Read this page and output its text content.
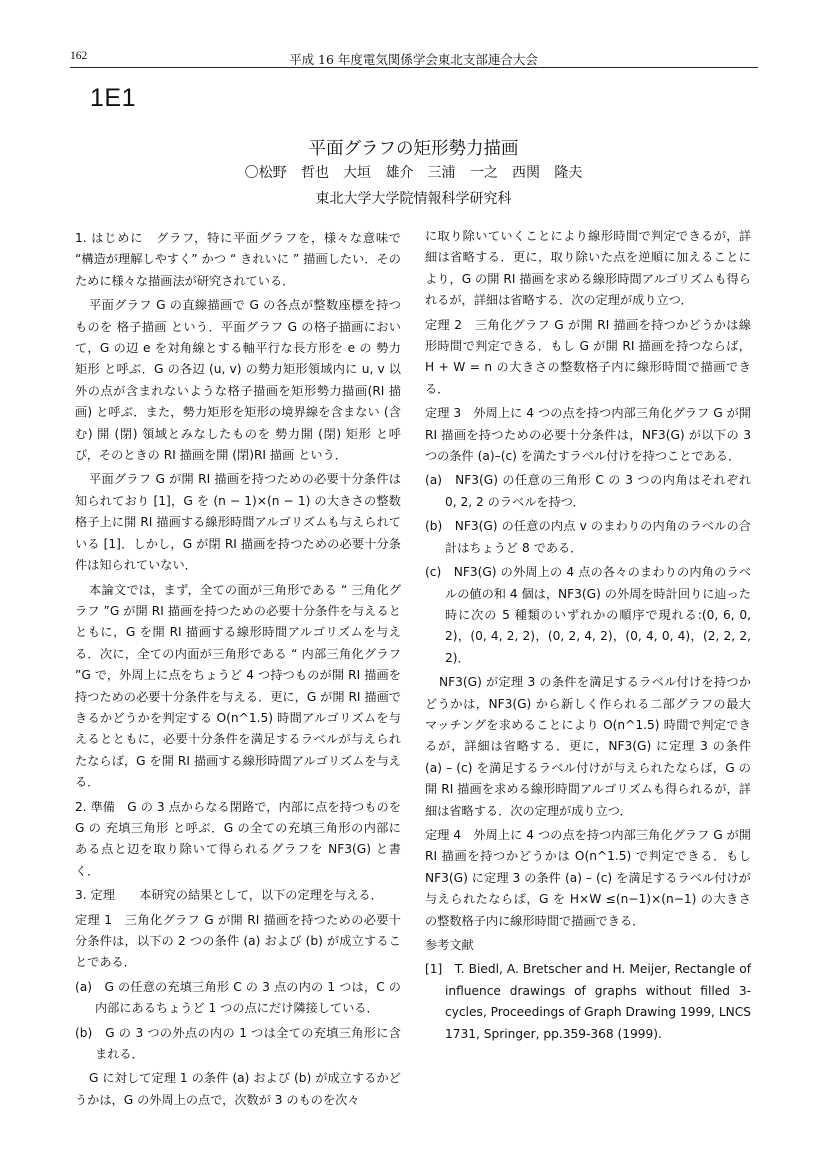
162	平成 16 年度電気関係学会東北支部連合大会
1E1
平面グラフの矩形勢力描画
〇松野 哲也　大垣 雄介　三浦 一之　西関 隆夫
東北大学大学院情報科学研究科

1. はじめに　グラフ，特に平面グラフを，様々な意味で “構造が理解しやすく” かつ “ きれいに ” 描画したい．そのために様々な描画法が研究されている．

平面グラフ G の直線描画で G の各点が整数座標を持つものを 格子描画 という．平面グラフ G の格子描画において，G の辺 e を対角線とする軸平行な長方形を e の 勢力矩形 と呼ぶ．G の各辺 (u, v) の勢力矩形領域内に u, v 以外の点が含まれないような格子描画を矩形勢力描画(RI 描画) と呼ぶ．また，勢力矩形を矩形の境界線を含まない (含む) 開 (閉) 領域とみなしたものを 勢力開 (閉) 矩形 と呼び，そのときの RI 描画を開 (閉)RI 描画 という．

平面グラフ G が開 RI 描画を持つための必要十分条件は知られており [1]，G を (n − 1)×(n − 1) の大きさの整数格子上に開 RI 描画する線形時間アルゴリズムも与えられている [1]．しかし，G が閉 RI 描画を持つための必要十分条件は知られていない．

本論文では，まず，全ての面が三角形である “ 三角化グラフ ”G が開 RI 描画を持つための必要十分条件を与えるとともに，G を開 RI 描画する線形時間アルゴリズムを与える．次に，全ての内面が三角形である “ 内部三角化グラフ ”G で，外周上に点をちょうど 4 つ持つものが開 RI 描画を持つための必要十分条件を与える．更に，G が開 RI 描画できるかどうかを判定する O(n^1.5) 時間アルゴリズムを与えるとともに，必要十分条件を満足するラベルが与えられたならば，G を開 RI 描画する線形時間アルゴリズムを与える．

2. 準備　G の 3 点からなる閉路で，内部に点を持つものを G の 充填三角形 と呼ぶ．G の全ての充填三角形の内部にある点と辺を取り除いて得られるグラフを NF3(G) と書く．

3. 定理　　本研究の結果として，以下の定理を与える．

定理 1　三角化グラフ G が開 RI 描画を持つための必要十分条件は，以下の 2 つの条件 (a) および (b) が成立することである．

(a)　G の任意の充填三角形 C の 3 点の内の 1 つは，C の内部にあるちょうど 1 つの点にだけ隣接している．

(b)　G の 3 つの外点の内の 1 つは全ての充填三角形に含まれる．

G に対して定理 1 の条件 (a) および (b) が成立するかどうかは，G の外周上の点で，次数が 3 のものを次々

に取り除いていくことにより線形時間で判定できるが，詳細は省略する．更に，取り除いた点を逆順に加えることにより，G の開 RI 描画を求める線形時間アルゴリズムも得られるが，詳細は省略する．次の定理が成り立つ．

定理 2　三角化グラフ G が開 RI 描画を持つかどうかは線形時間で判定できる．もし G が開 RI 描画を持つならば，H + W = n の大きさの整数格子内に線形時間で描画できる．

定理 3　外周上に 4 つの点を持つ内部三角化グラフ G が開 RI 描画を持つための必要十分条件は，NF3(G) が以下の 3 つの条件 (a)–(c) を満たすラベル付けを持つことである．

(a)　NF3(G) の任意の三角形 C の 3 つの内角はそれぞれ 0, 2, 2 のラベルを持つ．

(b)　NF3(G) の任意の内点 v のまわりの内角のラベルの合計はちょうど 8 である．

(c)　NF3(G) の外周上の 4 点の各々のまわりの内角のラベルの値の和 4 個は，NF3(G) の外周を時計回りに辿った時に次の 5 種類のいずれかの順序で現れる:(0, 6, 0, 2)，(0, 4, 2, 2)，(0, 2, 4, 2)，(0, 4, 0, 4)，(2, 2, 2, 2)．

NF3(G) が定理 3 の条件を満足するラベル付けを持つかどうかは，NF3(G) から新しく作られる二部グラフの最大マッチングを求めることにより O(n^1.5) 時間で判定できるが，詳細は省略する．更に，NF3(G) に定理 3 の条件 (a) – (c) を満足するラベル付けが与えられたならば，G の開 RI 描画を求める線形時間アルゴリズムも得られるが，詳細は省略する．次の定理が成り立つ．

定理 4　外周上に 4 つの点を持つ内部三角化グラフ G が開 RI 描画を持つかどうかは O(n^1.5) で判定できる．もし NF3(G) に定理 3 の条件 (a) – (c) を満足するラベル付けが与えられたならば，G を H×W ≤(n−1)×(n−1) の大きさの整数格子内に線形時間で描画できる．

参考文献

[1]　T. Biedl, A. Bretscher and H. Meijer, Rectangle of influence drawings of graphs without filled 3-cycles, Proceedings of Graph Drawing 1999, LNCS 1731, Springer, pp.359-368 (1999).
